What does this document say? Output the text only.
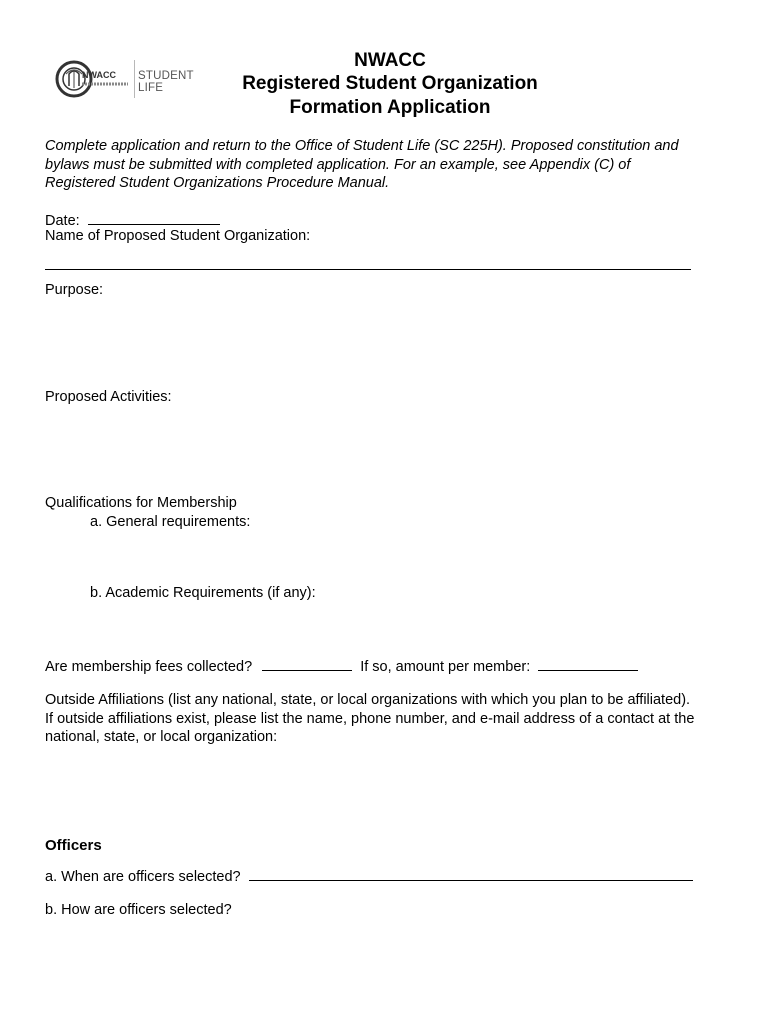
NWACC STUDENT LIFE
NWACC
Registered Student Organization
Formation Application
Complete application and return to the Office of Student Life (SC 225H). Proposed constitution and
bylaws must be submitted with completed application. For an example, see Appendix (C) of
Registered Student Organizations Procedure Manual.
Date:
Name of Proposed Student Organization:
Purpose:
Proposed Activities:
Qualifications for Membership
a. General requirements:
b. Academic Requirements (if any):
Are membership fees collected?	If so, amount per member:
Outside Affiliations (list any national, state, or local organizations with which you plan to be affiliated).
If outside affiliations exist, please list the name, phone number, and e-mail address of a contact at the
national, state, or local organization:
Officers
a. When are officers selected?
b. How are officers selected?
